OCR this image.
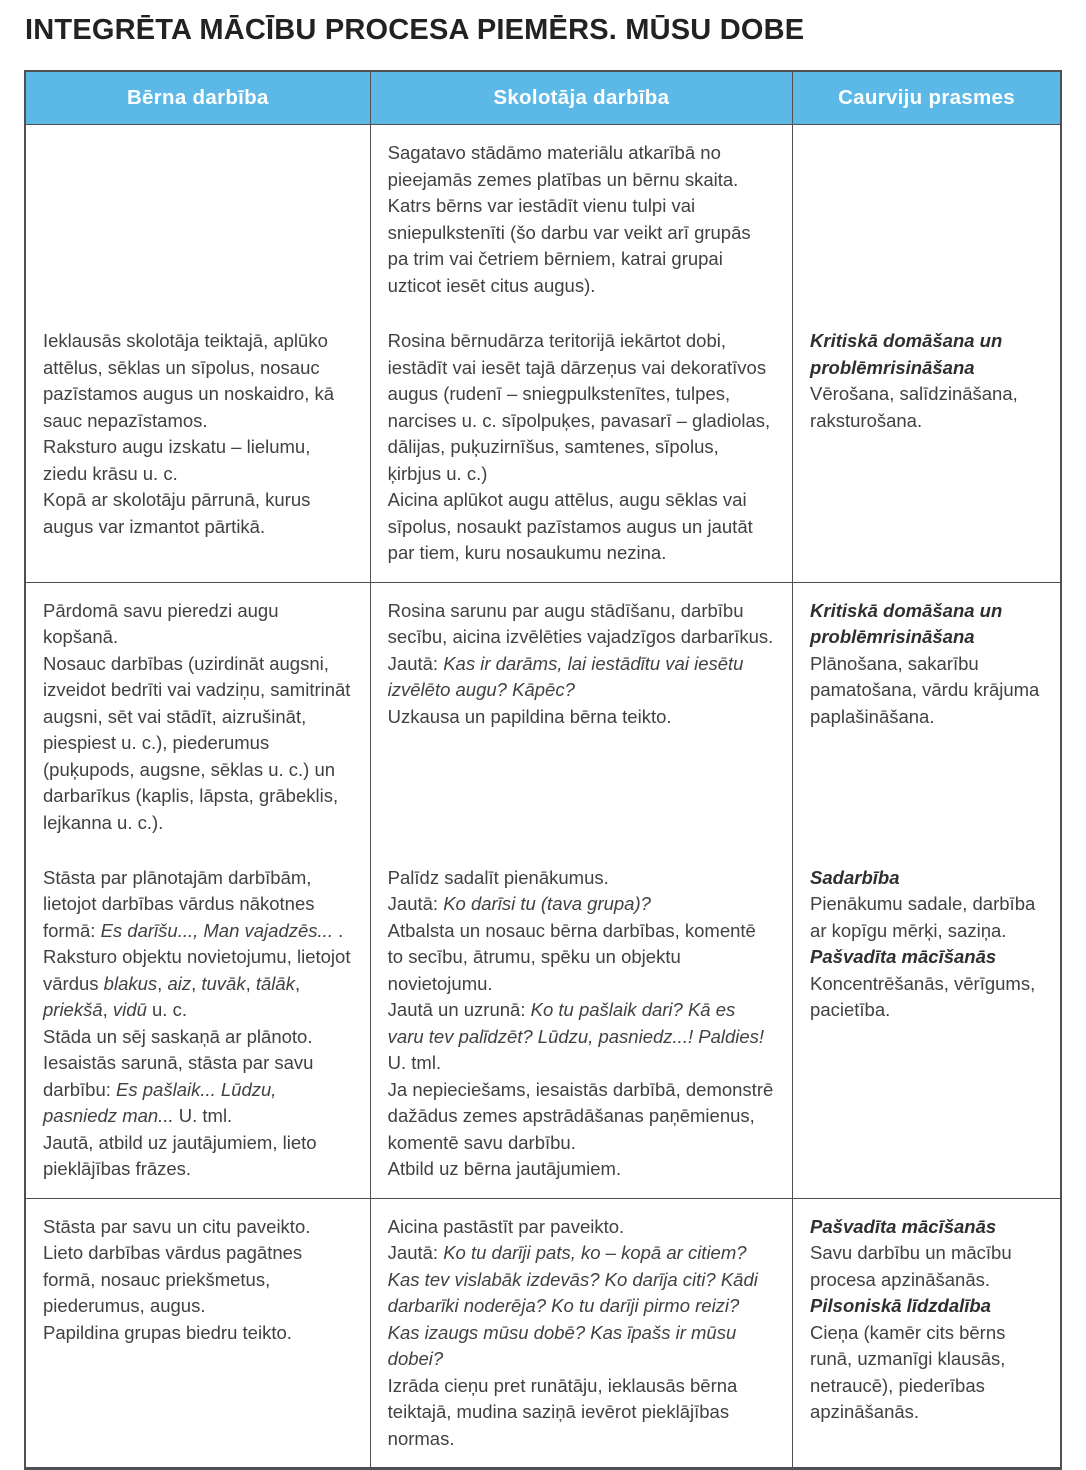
INTEGRĒTA MĀCĪBU PROCESA PIEMĒRS. MŪSU DOBE
Bērna darbība	Skolotāja darbība	Caurviju prasmes

Ieklausās skolotāja teiktajā, aplūko attēlus, sēklas un sīpolus, nosauc pazīstamos augus un noskaidro, kā sauc nepazīstamos.

Raksturo augu izskatu – lielumu, ziedu krāsu u. c.

Kopā ar skolotāju pārrunā, kurus augus var izmantot pārtikā.

Sagatavo stādāmo materiālu atkarībā no pieejamās zemes platības un bērnu skaita. Katrs bērns var iestādīt vienu tulpi vai sniepulkstenīti (šo darbu var veikt arī grupās pa trim vai četriem bērniem, katrai grupai uzticot iesēt citus augus).

Rosina bērnudārza teritorijā iekārtot dobi, iestādīt vai iesēt tajā dārzeņus vai dekoratīvos augus (rudenī – sniegpulkstenītes, tulpes, narcises u. c. sīpolpuķes, pavasarī – gladiolas, dālijas, puķuzirnīšus, samtenes, sīpolus, ķirbjus u. c.)

Aicina aplūkot augu attēlus, augu sēklas vai sīpolus, nosaukt pazīstamos augus un jautāt par tiem, kuru nosaukumu nezina.

Kritiskā domāšana un problēmrisināšana

Vērošana, salīdzināšana, raksturošana.

Pārdomā savu pieredzi augu kopšanā.

Nosauc darbības (uzirdināt augsni, izveidot bedrīti vai vadziņu, samitrināt augsni, sēt vai stādīt, aizrušināt, piespiest u. c.), piederumus (puķupods, augsne, sēklas u. c.) un darbarīkus (kaplis, lāpsta, grābeklis, lejkanna u. c.).

Stāsta par plānotajām darbībām, lietojot darbības vārdus nākotnes formā: Es darīšu..., Man vajadzēs... .

Raksturo objektu novietojumu, lietojot vārdus blakus, aiz, tuvāk, tālāk, priekšā, vidū u. c.

Stāda un sēj saskaņā ar plānoto.

Iesaistās sarunā, stāsta par savu darbību: Es pašlaik... Lūdzu, pasniedz man... U. tml.

Jautā, atbild uz jautājumiem, lieto pieklājības frāzes.

Rosina sarunu par augu stādīšanu, darbību secību, aicina izvēlēties vajadzīgos darbarīkus.

Jautā: Kas ir darāms, lai iestādītu vai iesētu izvēlēto augu? Kāpēc?

Uzkausa un papildina bērna teikto.

Palīdz sadalīt pienākumus.

Jautā: Ko darīsi tu (tava grupa)?

Atbalsta un nosauc bērna darbības, komentē to secību, ātrumu, spēku un objektu novietojumu.

Jautā un uzrunā: Ko tu pašlaik dari? Kā es varu tev palīdzēt? Lūdzu, pasniedz...! Paldies! U. tml.

Ja nepieciešams, iesaistās darbībā, demonstrē dažādus zemes apstrādāšanas paņēmienus, komentē savu darbību.

Atbild uz bērna jautājumiem.

Kritiskā domāšana un problēmrisināšana

Plānošana, sakarību pamatošana, vārdu krājuma paplašināšana.

Sadarbība

Pienākumu sadale, darbība ar kopīgu mērķi, saziņa.

Pašvadīta mācīšanās

Koncentrēšanās, vērīgums, pacietība.

Stāsta par savu un citu paveikto.

Lieto darbības vārdus pagātnes formā, nosauc priekšmetus, piederumus, augus.

Papildina grupas biedru teikto.

Aicina pastāstīt par paveikto.

Jautā: Ko tu darīji pats, ko – kopā ar citiem? Kas tev vislabāk izdevās? Ko darīja citi? Kādi darbarīki noderēja? Ko tu darīji pirmo reizi? Kas izaugs mūsu dobē? Kas īpašs ir mūsu dobei?

Izrāda cieņu pret runātāju, ieklausās bērna teiktajā, mudina saziņā ievērot pieklājības normas.

Pašvadīta mācīšanās

Savu darbību un mācību procesa apzināšanās.

Pilsoniskā līdzdalība

Cieņa (kamēr cits bērns runā, uzmanīgi klausās, netraucē), piederības apzināšanās.
